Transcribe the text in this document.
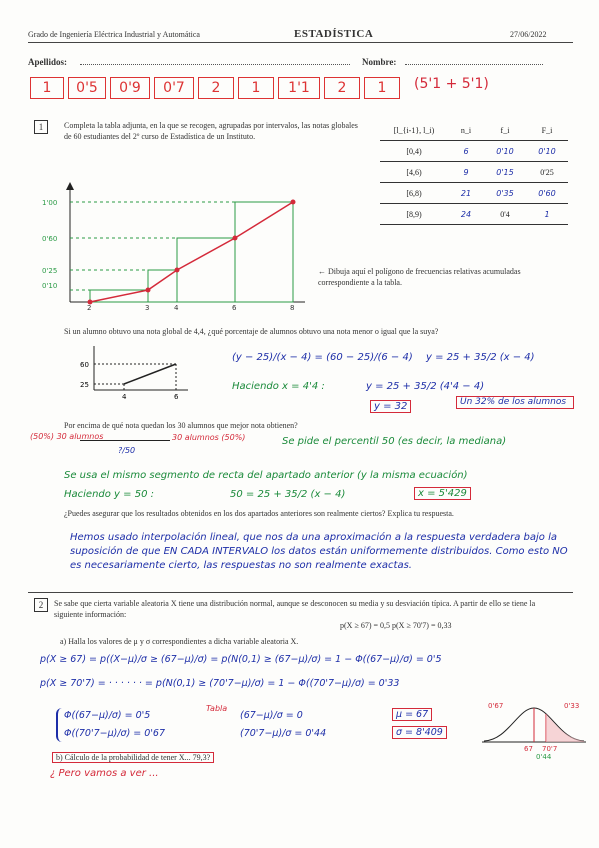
Grado de Ingeniería Eléctrica Industrial y Automática	ESTADÍSTICA	27/06/2022
Apellidos:	Nombre:
1	0'5	0'9	0'7	2	1	1'1	2	1	(5'1 + 5'1)
1	Completa la tabla adjunta, en la que se recogen, agrupadas por intervalos, las notas globales de 60 estudiantes del 2º curso de Estadística de un Instituto.
[l_{i-1}, l_i)	n_i	f_i	F_i
[0,4)	6	0'10	0'10
[4,6)	9	0'15	0'25
[6,8)	21	0'35	0'60
[8,9)	24	0'4	1
1'00
0'60
0'25
0'10
2	3	4	6	8
← Dibuja aquí el polígono de frecuencias relativas acumuladas correspondiente a la tabla.
Si un alumno obtuvo una nota global de 4,4, ¿qué porcentaje de alumnos obtuvo una nota menor o igual que la suya?
60
25
4	6
(y − 25)/(x − 4) = (60 − 25)/(6 − 4) y = 25 + 35/2 (x − 4)
Haciendo x = 4'4 :	y = 25 + 35/2 (4'4 − 4)
y = 32	Un 32% de los alumnos
Por encima de qué nota quedan los 30 alumnos que mejor nota obtienen?
(50%) 30 alumnos	30 alumnos (50%)
?/50
Se pide el percentil 50 (es decir, la mediana)
Se usa el mismo segmento de recta del apartado anterior (y la misma ecuación)
Haciendo y = 50 :	50 = 25 + 35/2 (x − 4)	x = 5'429
¿Puedes asegurar que los resultados obtenidos en los dos apartados anteriores son realmente ciertos? Explica tu respuesta.
Hemos usado interpolación lineal, que nos da una aproximación a la respuesta verdadera bajo la suposición de que EN CADA INTERVALO los datos están uniformemente distribuidos. Como esto NO es necesariamente cierto, las respuestas no son realmente exactas.
2	Se sabe que cierta variable aleatoria X tiene una distribución normal, aunque se desconocen su media y su desviación típica. A partir de ello se tiene la siguiente información:
p(X ≥ 67) = 0,5 p(X ≥ 70'7) = 0,33
a) Halla los valores de μ y σ correspondientes a dicha variable aleatoria X.
p(X ≥ 67) = p((X−μ)/σ ≥ (67−μ)/σ) = p(N(0,1) ≥ (67−μ)/σ) = 1 − Φ((67−μ)/σ) = 0'5
p(X ≥ 70'7) = · · · · · · = p(N(0,1) ≥ (70'7−μ)/σ) = 1 − Φ((70'7−μ)/σ) = 0'33
Φ((67−μ)/σ) = 0'5
Φ((70'7−μ)/σ) = 0'67
Tabla
(67−μ)/σ = 0
(70'7−μ)/σ = 0'44
μ = 67
σ = 8'409
0'67	0'33
67 70'7
0'44
b) Cálculo de la probabilidad de tener X... 79,3?
¿ Pero vamos a ver ...
